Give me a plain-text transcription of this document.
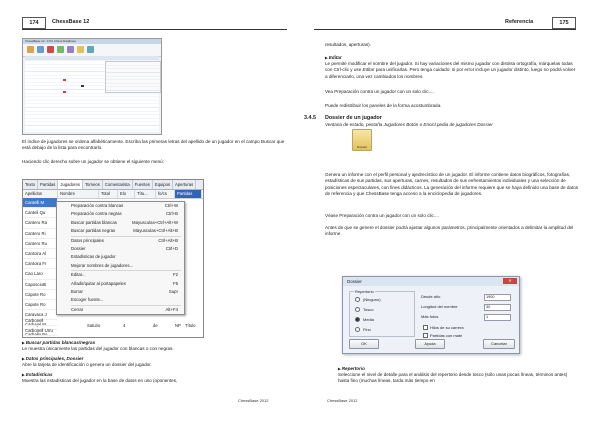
174	ChessBase 12
ChessBase 12 - Fritz Chess Database
El índice de jugadores se ordena alfabéticamente. Escriba las primeras letras del apellido de un jugador en el campo Buscar que está debajo de la lista para encontrarlo.
Haciendo clic derecho sobre un jugador se obtiene el siguiente menú:
Texto	Partidas	Jugadores	Torneos	Comentarista	Fuentes	Equipos	Aperturas
Apellidos	Nombre	Total	Elo	Títu...	fo/cs	Partidas
Cantelli M
Canteli Qu
Cantero Ra
Cantero Ri
Cantero Ru
Cantoira Al
Cantoira Fr
Cao Laro
Caposciutti
Capote Ro
Capote Ro
Caravaca J
Carbajal M
Carballo Bo
Preparación contra blancas	Ctrl+W
Preparación contra negras	Ctrl+B
Buscar partidas blancas	Mayusculas+Ctrl+Alt+W
Buscar partidas negras	Mayusculas+Ctrl+Alt+B
Datos principales	Ctrl+Alt+B
Dossier	Ctrl+D
Estadísticas de jugador
Mejorar nombres de jugadores...
Editar...	F2
Añadir/quitar al portapapeles	F5
Borrar	Supr
Escoger fuente...
Cerrar	Alt+F4
Carbonell
Carbonell Urru
Saturio	4	de	NP Título
▶Buscar partidas blancas/negras
Le muestra únicamente las partidas del jugador con blancas o con negras.
▶Datos principales, Dossier
Abre la tarjeta de identificación o genera un dossier del jugador.
▶Estadísticas
Muestra las estadísticas del jugador en la base de datos en uso (oponentes,
ChessBase 2012
Referencia	175
resultados, aperturas).
▶Editar
Le permite modificar el nombre del jugador. Si hay variaciones del mismo jugador con distinta ortografía, márquelas todas con Ctrl-clic y use Editar para unificarlas. Pero tenga cuidado: si por error incluye un jugador distinto, luego no podrá volver a diferenciarlo, una vez cambiados los nombres.
Vea Preparación contra un jugador con un solo clic....
Puede redistribuir los paneles de la forma acostumbrada.
3.4.5 Dossier de un jugador
Ventana de estado, pestaña Jugadores Botón o Encicl.pedia de jugadores Dossier
Dossier
Genera un informe con el perfil personal y ajedrecístico de un jugador. El informe contiene datos biográficos, fotografías, estadísticas de sus partidas, sus aperturas, carnes, resultados de sus enfrentamientos individuales y una selección de posiciones espectaculares, con fines didácticos. La generación del informe requiere que se haya definido una base de datos de referencia y que ChessBase tenga acceso a la enciclopedia de jugadores.
Véase Preparación contra un jugador con un solo clic....
Antes de que se genere el dossier podrá ajustar algunos parámetros, principalmente orientados a delimitar la amplitud del informe.
Dossier	✕
Repertorio
(Ninguno)
Tosco
Media
Fino
Desde año	1900
Longitud del nombre	30
Más fotos	1
Hilos de su carrera
Partidas con mate
OK	Ayuda	Cancelar
▶Repertorio
Seleccione el nivel de detalle para el análisis del repertorio desde tosco (sólo unas pocas líneas, términos antes) hasta fino (muchas líneas, tarda más tiempo en
ChessBase 2012
